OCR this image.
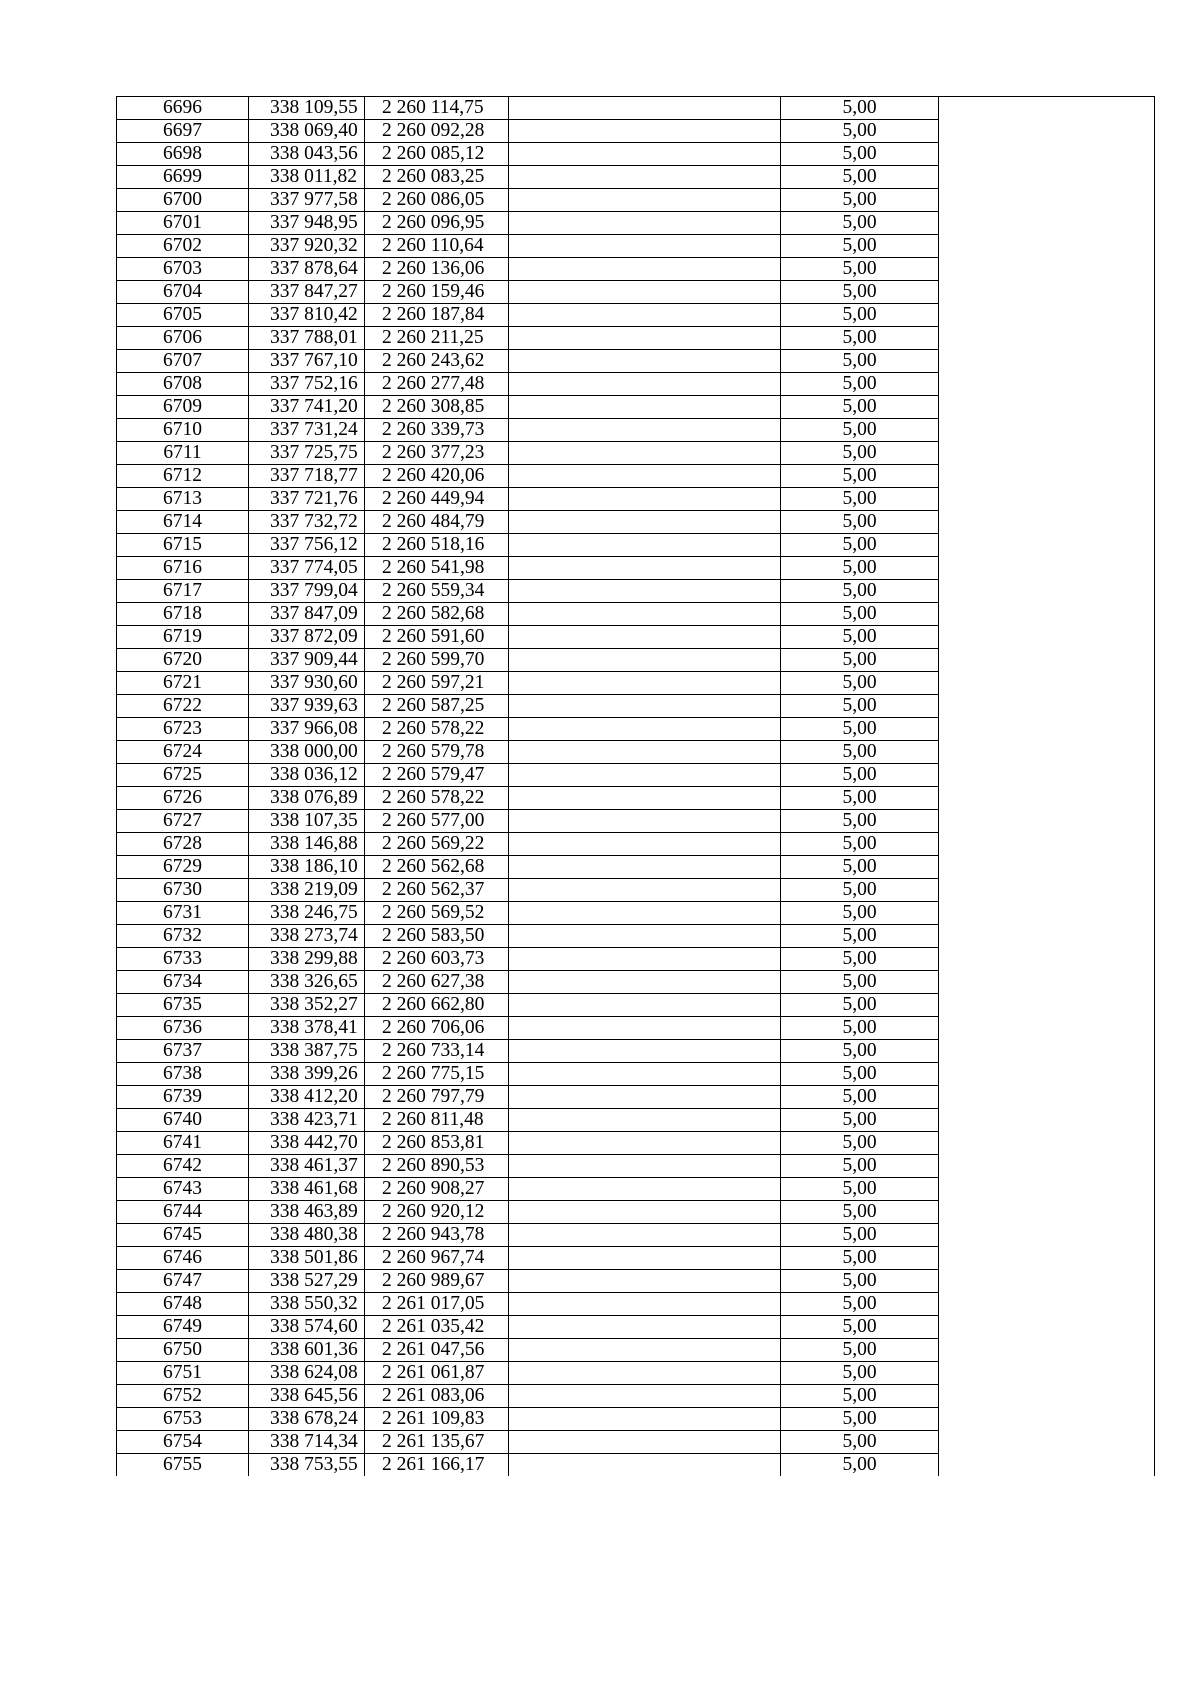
6696	338 109,55	2 260 114,75		5,00	
6697	338 069,40	2 260 092,28		5,00	
6698	338 043,56	2 260 085,12		5,00	
6699	338 011,82	2 260 083,25		5,00	
6700	337 977,58	2 260 086,05		5,00	
6701	337 948,95	2 260 096,95		5,00	
6702	337 920,32	2 260 110,64		5,00	
6703	337 878,64	2 260 136,06		5,00	
6704	337 847,27	2 260 159,46		5,00	
6705	337 810,42	2 260 187,84		5,00	
6706	337 788,01	2 260 211,25		5,00	
6707	337 767,10	2 260 243,62		5,00	
6708	337 752,16	2 260 277,48		5,00	
6709	337 741,20	2 260 308,85		5,00	
6710	337 731,24	2 260 339,73		5,00	
6711	337 725,75	2 260 377,23		5,00	
6712	337 718,77	2 260 420,06		5,00	
6713	337 721,76	2 260 449,94		5,00	
6714	337 732,72	2 260 484,79		5,00	
6715	337 756,12	2 260 518,16		5,00	
6716	337 774,05	2 260 541,98		5,00	
6717	337 799,04	2 260 559,34		5,00	
6718	337 847,09	2 260 582,68		5,00	
6719	337 872,09	2 260 591,60		5,00	
6720	337 909,44	2 260 599,70		5,00	
6721	337 930,60	2 260 597,21		5,00	
6722	337 939,63	2 260 587,25		5,00	
6723	337 966,08	2 260 578,22		5,00	
6724	338 000,00	2 260 579,78		5,00	
6725	338 036,12	2 260 579,47		5,00	
6726	338 076,89	2 260 578,22		5,00	
6727	338 107,35	2 260 577,00		5,00	
6728	338 146,88	2 260 569,22		5,00	
6729	338 186,10	2 260 562,68		5,00	
6730	338 219,09	2 260 562,37		5,00	
6731	338 246,75	2 260 569,52		5,00	
6732	338 273,74	2 260 583,50		5,00	
6733	338 299,88	2 260 603,73		5,00	
6734	338 326,65	2 260 627,38		5,00	
6735	338 352,27	2 260 662,80		5,00	
6736	338 378,41	2 260 706,06		5,00	
6737	338 387,75	2 260 733,14		5,00	
6738	338 399,26	2 260 775,15		5,00	
6739	338 412,20	2 260 797,79		5,00	
6740	338 423,71	2 260 811,48		5,00	
6741	338 442,70	2 260 853,81		5,00	
6742	338 461,37	2 260 890,53		5,00	
6743	338 461,68	2 260 908,27		5,00	
6744	338 463,89	2 260 920,12		5,00	
6745	338 480,38	2 260 943,78		5,00	
6746	338 501,86	2 260 967,74		5,00	
6747	338 527,29	2 260 989,67		5,00	
6748	338 550,32	2 261 017,05		5,00	
6749	338 574,60	2 261 035,42		5,00	
6750	338 601,36	2 261 047,56		5,00	
6751	338 624,08	2 261 061,87		5,00	
6752	338 645,56	2 261 083,06		5,00	
6753	338 678,24	2 261 109,83		5,00	
6754	338 714,34	2 261 135,67		5,00	
6755	338 753,55	2 261 166,17		5,00	
